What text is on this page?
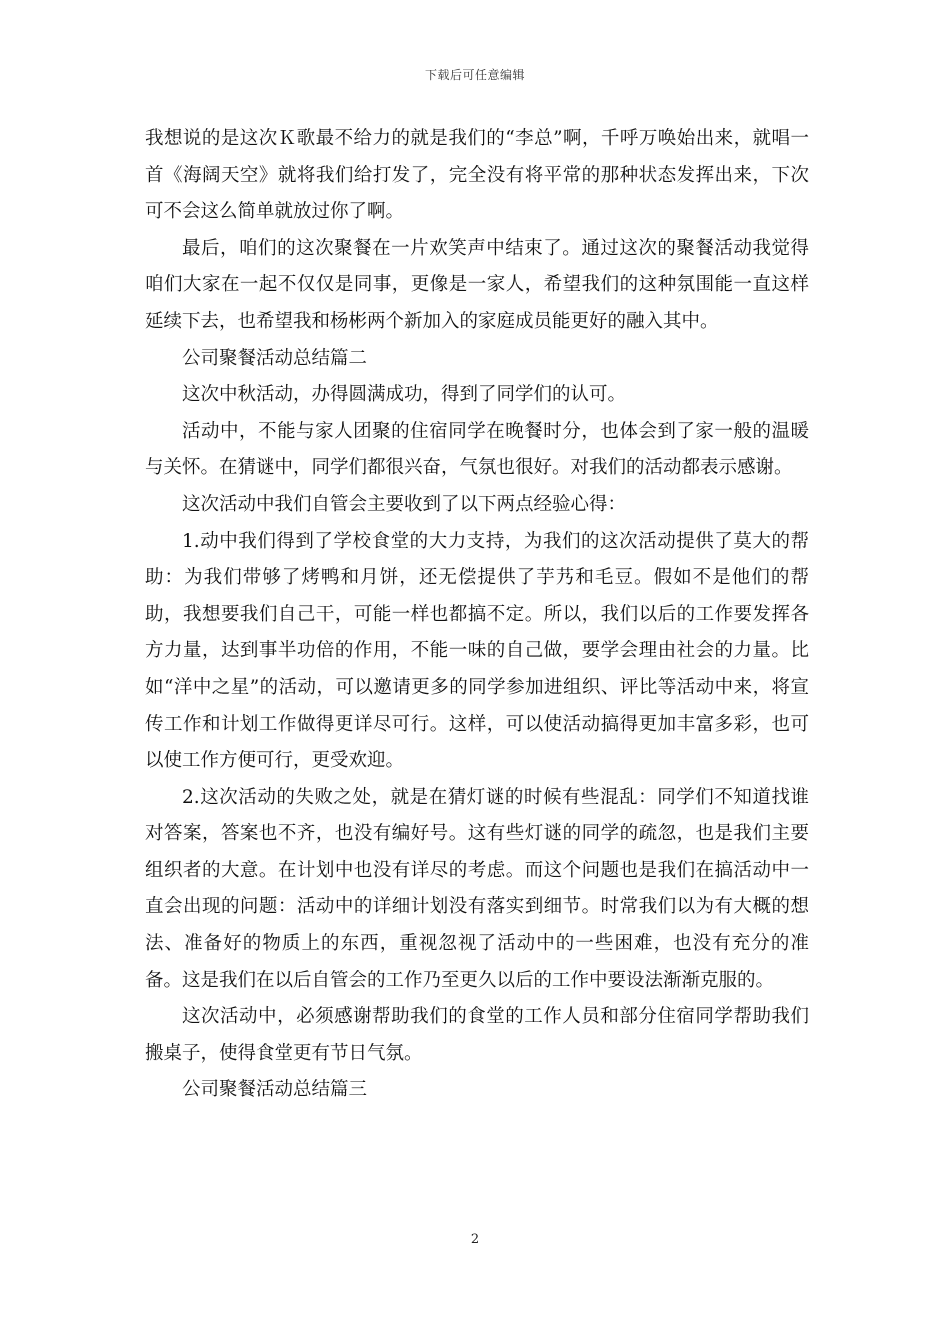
下载后可任意编辑

我想说的是这次Ｋ歌最不给力的就是我们的“李总”啊，千呼万唤始出来，就唱一首《海阔天空》就将我们给打发了，完全没有将平常的那种状态发挥出来，下次可不会这么简单就放过你了啊。

最后，咱们的这次聚餐在一片欢笑声中结束了。通过这次的聚餐活动我觉得咱们大家在一起不仅仅是同事，更像是一家人，希望我们的这种氛围能一直这样延续下去，也希望我和杨彬两个新加入的家庭成员能更好的融入其中。

公司聚餐活动总结篇二

这次中秋活动，办得圆满成功，得到了同学们的认可。

活动中，不能与家人团聚的住宿同学在晚餐时分，也体会到了家一般的温暖与关怀。在猜谜中，同学们都很兴奋，气氛也很好。对我们的活动都表示感谢。

这次活动中我们自管会主要收到了以下两点经验心得：

1.动中我们得到了学校食堂的大力支持，为我们的这次活动提供了莫大的帮助：为我们带够了烤鸭和月饼，还无偿提供了芋艿和毛豆。假如不是他们的帮助，我想要我们自己干，可能一样也都搞不定。所以，我们以后的工作要发挥各方力量，达到事半功倍的作用，不能一味的自己做，要学会理由社会的力量。比如“洋中之星”的活动，可以邀请更多的同学参加进组织、评比等活动中来，将宣传工作和计划工作做得更详尽可行。这样，可以使活动搞得更加丰富多彩，也可以使工作方便可行，更受欢迎。

2.这次活动的失败之处，就是在猜灯谜的时候有些混乱：同学们不知道找谁对答案，答案也不齐，也没有编好号。这有些灯谜的同学的疏忽，也是我们主要组织者的大意。在计划中也没有详尽的考虑。而这个问题也是我们在搞活动中一直会出现的问题：活动中的详细计划没有落实到细节。时常我们以为有大概的想法、准备好的物质上的东西，重视忽视了活动中的一些困难，也没有充分的准备。这是我们在以后自管会的工作乃至更久以后的工作中要设法渐渐克服的。

这次活动中，必须感谢帮助我们的食堂的工作人员和部分住宿同学帮助我们搬桌子，使得食堂更有节日气氛。

公司聚餐活动总结篇三

2
